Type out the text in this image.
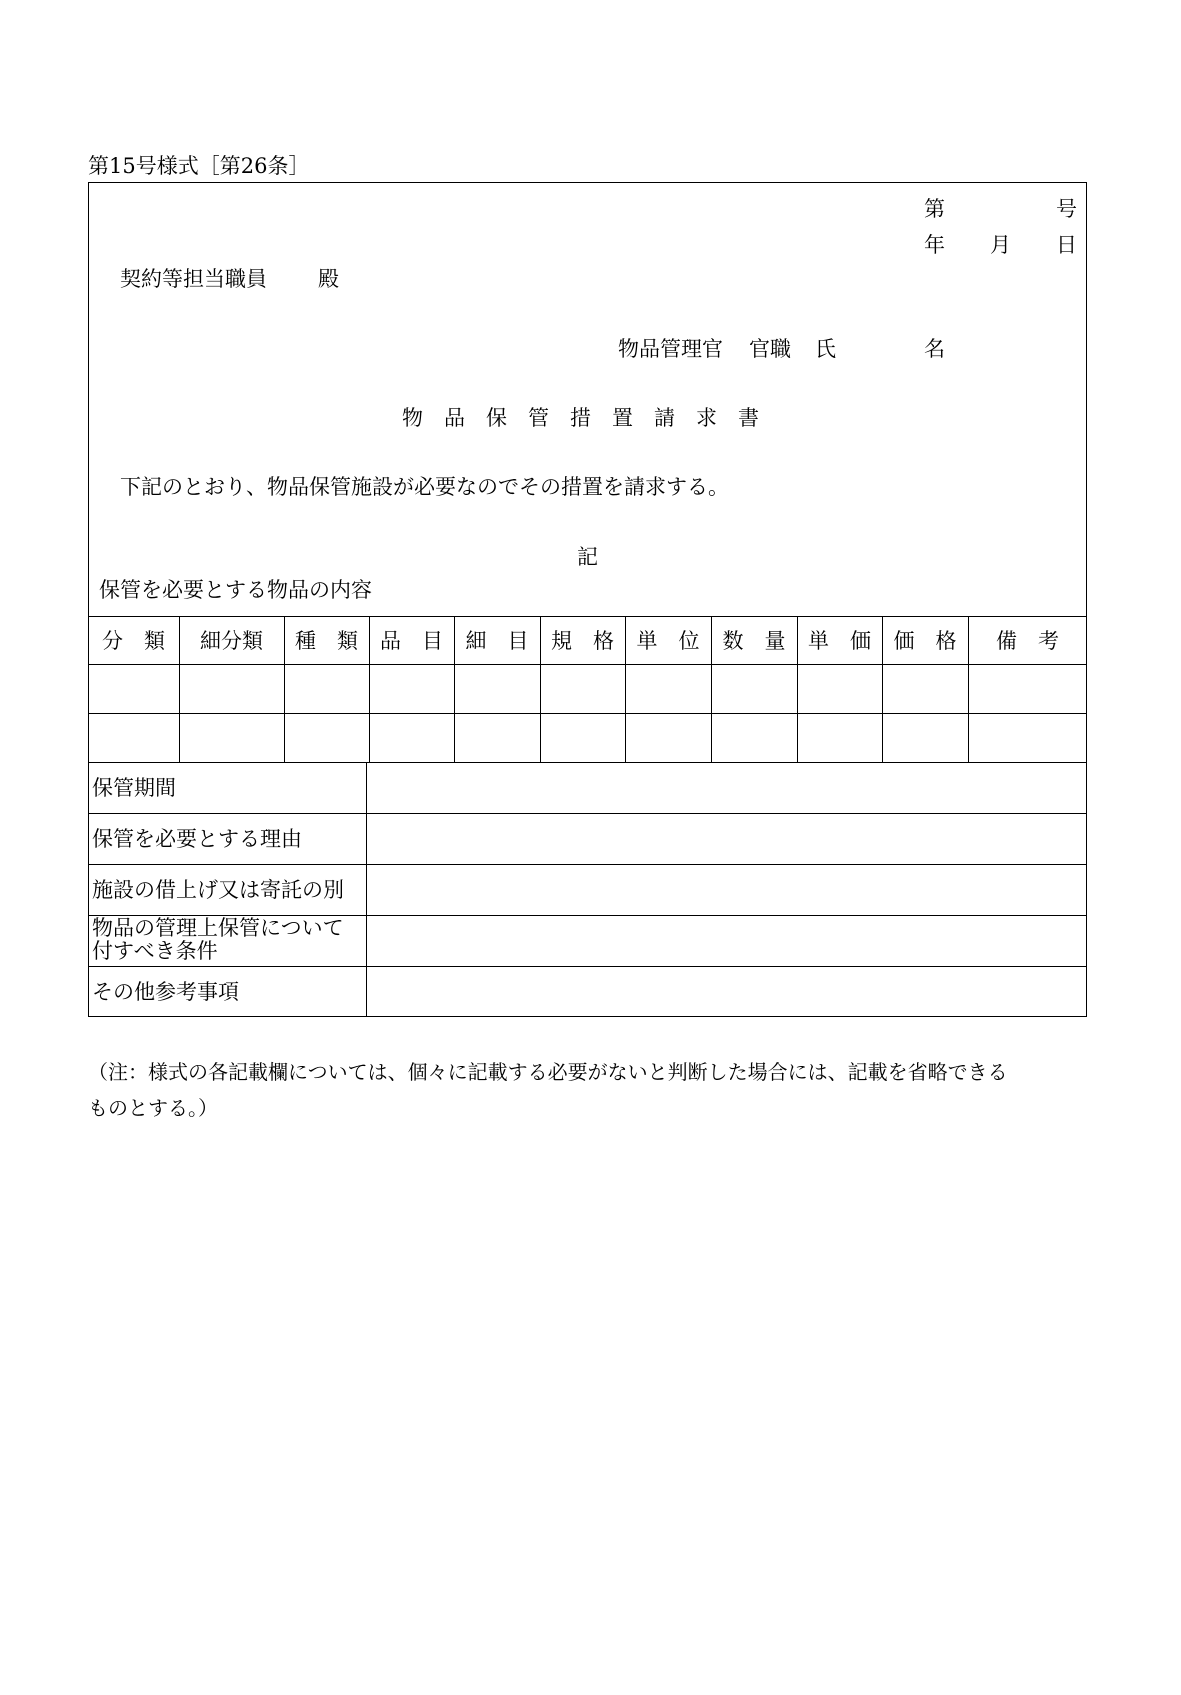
第15号様式［第26条］
第	号
年 月 日
契約等担当職員 殿
物品管理官 官職 氏	名
物　品　保　管　措　置　請　求　書
下記のとおり、物品保管施設が必要なのでその措置を請求する。
記
保管を必要とする物品の内容
分　類	細分類	種　類	品　目	細　目	規　格	単　位	数　量	単　価	価　格	備　考
保管期間
保管を必要とする理由
施設の借上げ又は寄託の別
物品の管理上保管について
付すべき条件
その他参考事項
（注：様式の各記載欄については、個々に記載する必要がないと判断した場合には、記載を省略できる
ものとする。）
